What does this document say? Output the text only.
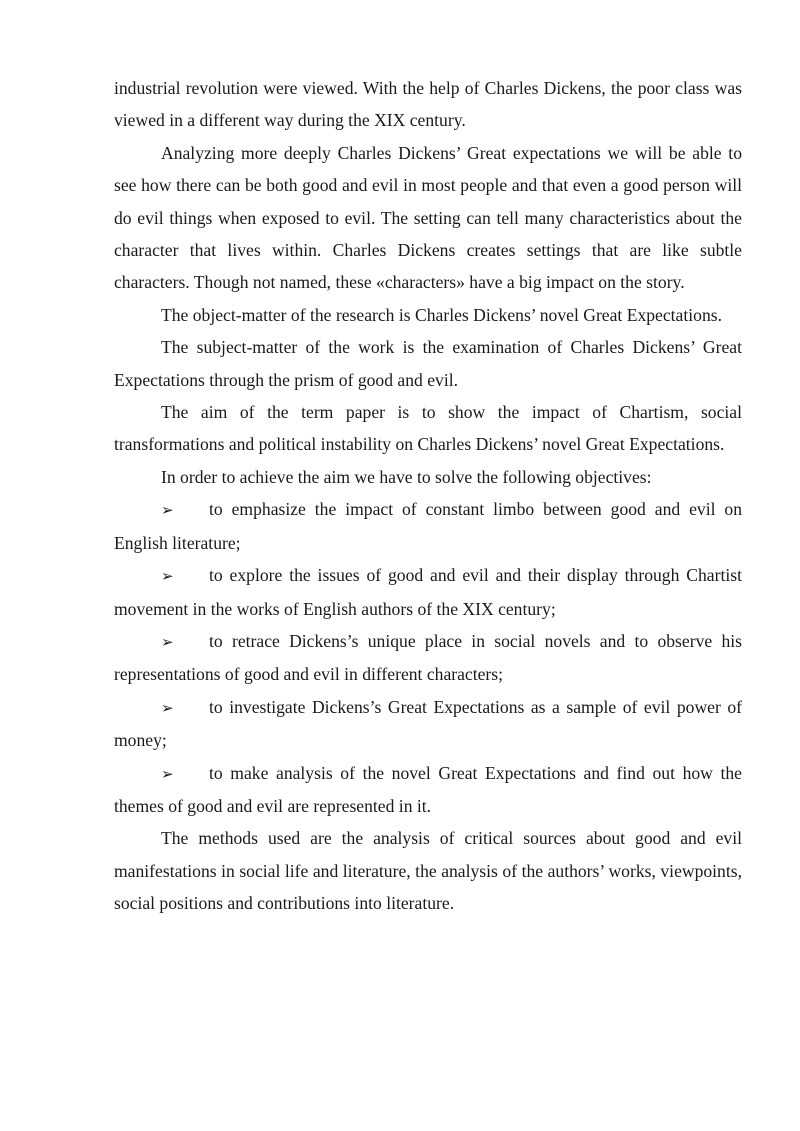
industrial revolution were viewed. With the help of Charles Dickens, the poor class was viewed in a different way during the XIX century.

Analyzing more deeply Charles Dickens’ Great expectations we will be able to see how there can be both good and evil in most people and that even a good person will do evil things when exposed to evil. The setting can tell many characteristics about the character that lives within. Charles Dickens creates settings that are like subtle characters. Though not named, these «characters» have a big impact on the story.

The object-matter of the research is Charles Dickens’ novel Great Expectations.

The subject-matter of the work is the examination of Charles Dickens’ Great Expectations through the prism of good and evil.

The aim of the term paper is to show the impact of Chartism, social transformations and political instability on Charles Dickens’ novel Great Expectations.

In order to achieve the aim we have to solve the following objectives:

➢ to emphasize the impact of constant limbo between good and evil on English literature;

➢ to explore the issues of good and evil and their display through Chartist movement in the works of English authors of the XIX century;

➢ to retrace Dickens’s unique place in social novels and to observe his representations of good and evil in different characters;

➢ to investigate Dickens’s Great Expectations as a sample of evil power of money;

➢ to make analysis of the novel Great Expectations and find out how the themes of good and evil are represented in it.

The methods used are the analysis of critical sources about good and evil manifestations in social life and literature, the analysis of the authors’ works, viewpoints, social positions and contributions into literature.
